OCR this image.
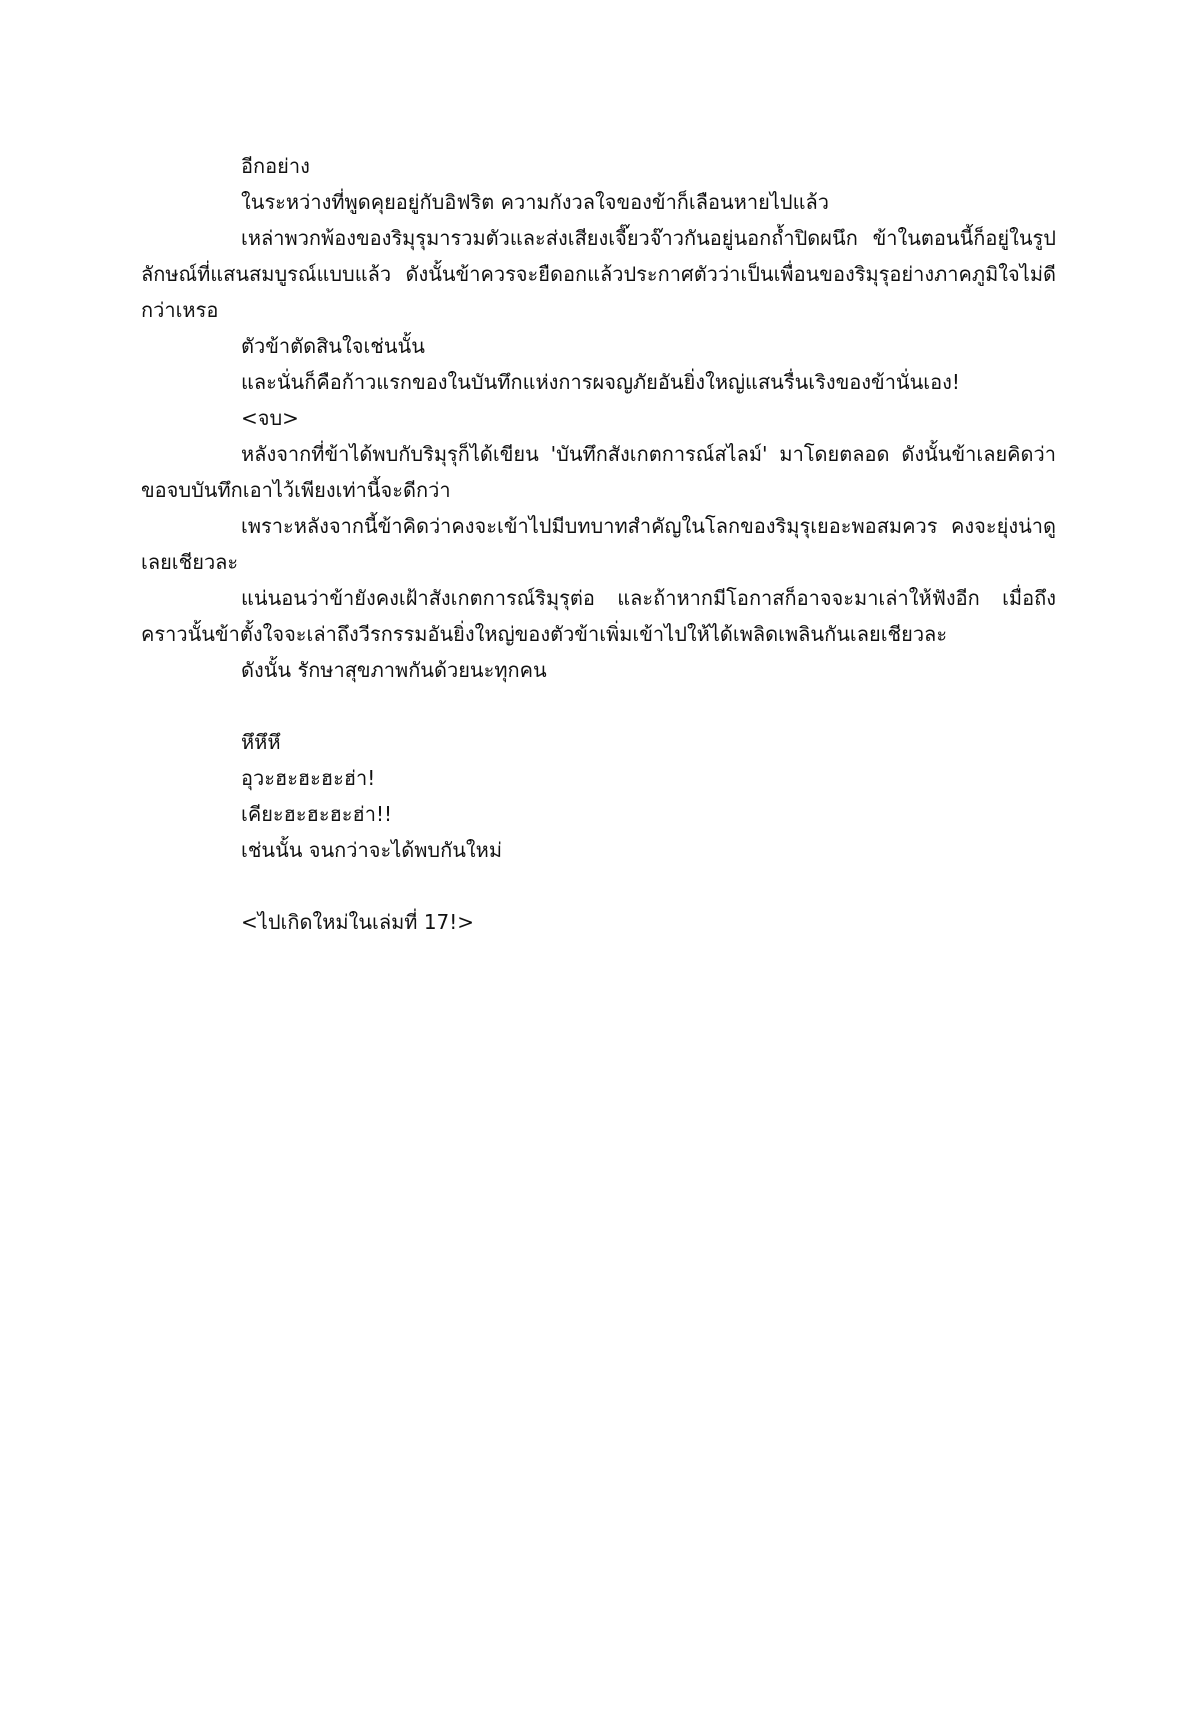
อีกอย่าง

ในระหว่างที่พูดคุยอยู่กับอิฟริต ความกังวลใจของข้าก็เลือนหายไปแล้ว

เหล่าพวกพ้องของริมุรุมารวมตัวและส่งเสียงเจี๊ยวจ๊าวกันอยู่นอกถ้ำปิดผนึก ข้าในตอนนี้ก็อยู่ในรูปลักษณ์ที่แสนสมบูรณ์แบบแล้ว ดังนั้นข้าควรจะยืดอกแล้วประกาศตัวว่าเป็นเพื่อนของริมุรุอย่างภาคภูมิใจไม่ดีกว่าเหรอ

ตัวข้าตัดสินใจเช่นนั้น

และนั่นก็คือก้าวแรกของในบันทึกแห่งการผจญภัยอันยิ่งใหญ่แสนรื่นเริงของข้านั่นเอง!

<จบ>

หลังจากที่ข้าได้พบกับริมุรุก็ได้เขียน 'บันทึกสังเกตการณ์สไลม์' มาโดยตลอด ดังนั้นข้าเลยคิดว่าขอจบบันทึกเอาไว้เพียงเท่านี้จะดีกว่า

เพราะหลังจากนี้ข้าคิดว่าคงจะเข้าไปมีบทบาทสำคัญในโลกของริมุรุเยอะพอสมควร คงจะยุ่งน่าดูเลยเชียวละ

แน่นอนว่าข้ายังคงเฝ้าสังเกตการณ์ริมุรุต่อ และถ้าหากมีโอกาสก็อาจจะมาเล่าให้ฟังอีก เมื่อถึงคราวนั้นข้าตั้งใจจะเล่าถึงวีรกรรมอันยิ่งใหญ่ของตัวข้าเพิ่มเข้าไปให้ได้เพลิดเพลินกันเลยเชียวละ

ดังนั้น รักษาสุขภาพกันด้วยนะทุกคน

หึหึหึ

อุวะฮะฮะฮะฮ่า!

เคียะฮะฮะฮะฮ่า!!

เช่นนั้น จนกว่าจะได้พบกันใหม่

<ไปเกิดใหม่ในเล่มที่ 17!>
